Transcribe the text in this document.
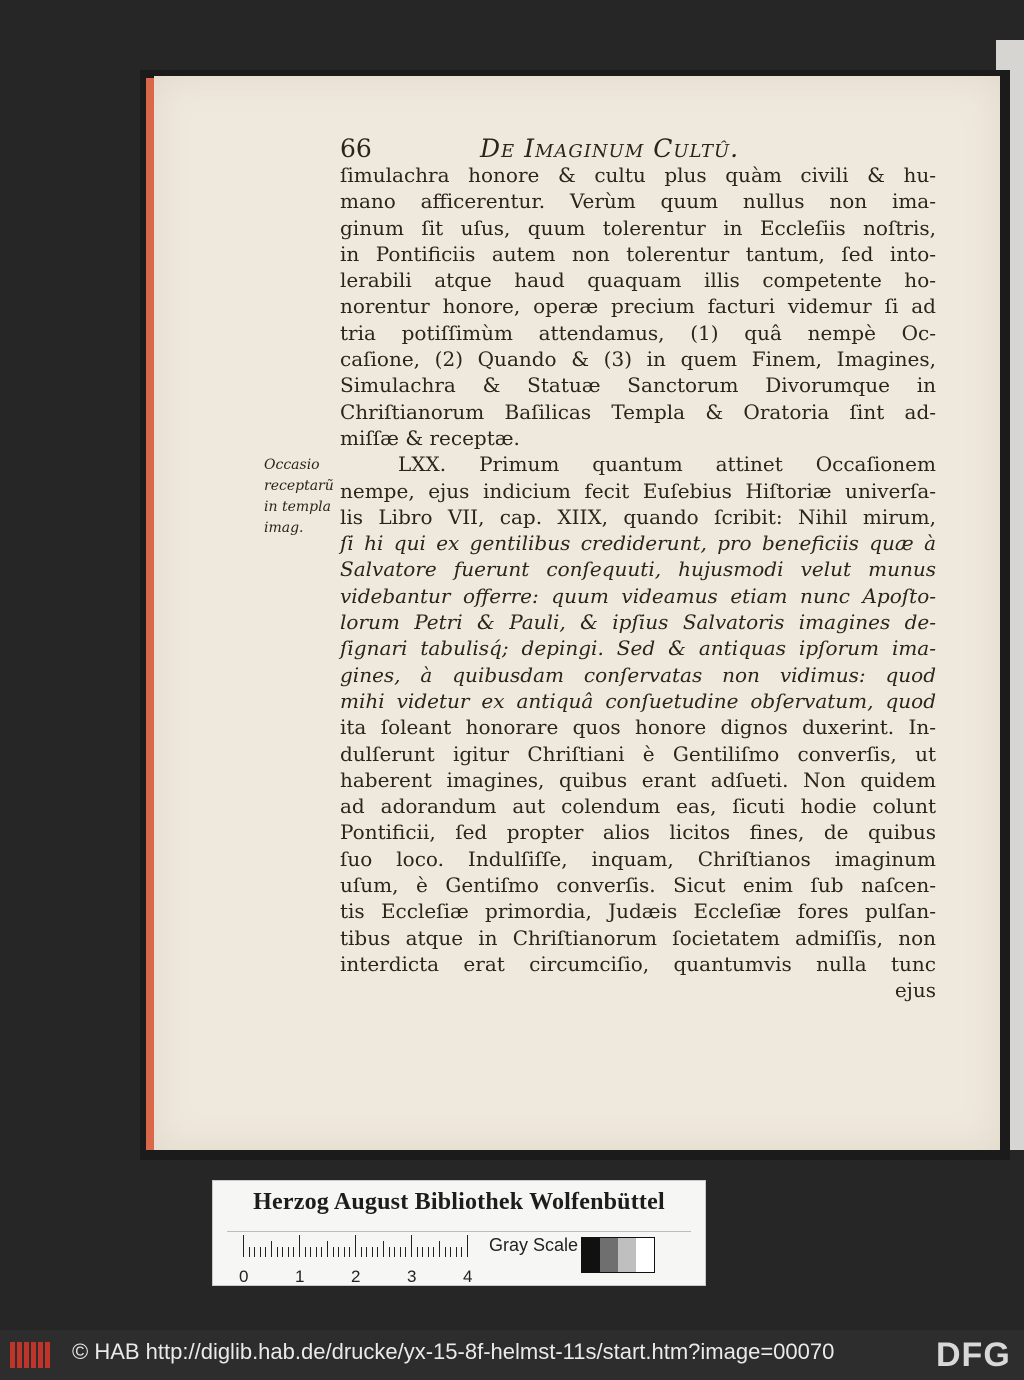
66	De Imaginum Cultû.
Occasio
receptarũ
in templa
imag.
ſimulachra honore & cultu plus quàm civili & hu-
mano afficerentur. Verùm quum nullus non ima-
ginum ſit uſus, quum tolerentur in Eccleſiis noſtris,
in Pontificiis autem non tolerentur tantum, ſed into-
lerabili atque haud quaquam illis competente ho-
norentur honore, operæ precium facturi videmur ſi ad
tria potiſſimùm attendamus, (1) quâ nempè Oc-
caſione, (2) Quando & (3) in quem Finem, Imagines,
Simulachra & Statuæ Sanctorum Divorumque in
Chriſtianorum Baſilicas Templa & Oratoria ſint ad-
miſſæ & receptæ.
LXX. Primum quantum attinet Occaſionem
nempe, ejus indicium fecit Euſebius Hiſtoriæ univerſa-
lis Libro VII, cap. XIIX, quando ſcribit: Nihil mirum,
ſi hi qui ex gentilibus crediderunt, pro beneficiis quæ à
Salvatore fuerunt conſequuti, hujusmodi velut munus
videbantur offerre: quum videamus etiam nunc Apoſto-
lorum Petri & Pauli, & ipſius Salvatoris imagines de-
ſignari tabulisq́; depingi. Sed & antiquas ipſorum ima-
gines, à quibusdam conſervatas non vidimus: quod
mihi videtur ex antiquâ conſuetudine obſervatum, quod
ita ſoleant honorare quos honore dignos duxerint. In-
dulſerunt igitur Chriſtiani è Gentiliſmo converſis, ut
haberent imagines, quibus erant adſueti. Non quidem
ad adorandum aut colendum eas, ſicuti hodie colunt
Pontificii, ſed propter alios licitos fines, de quibus
ſuo loco. Indulſiſſe, inquam, Chriſtianos imaginum
uſum, è Gentiſmo converſis. Sicut enim ſub naſcen-
tis Eccleſiæ primordia, Judæis Eccleſiæ fores pulſan-
tibus atque in Chriſtianorum ſocietatem admiſſis, non
interdicta erat circumciſio, quantumvis nulla tunc
ejus
Herzog August Bibliothek Wolfenbüttel
0	1	2	3	4
Gray Scale
© HAB http://diglib.hab.de/drucke/yx-15-8f-helmst-11s/start.htm?image=00070	DFG
